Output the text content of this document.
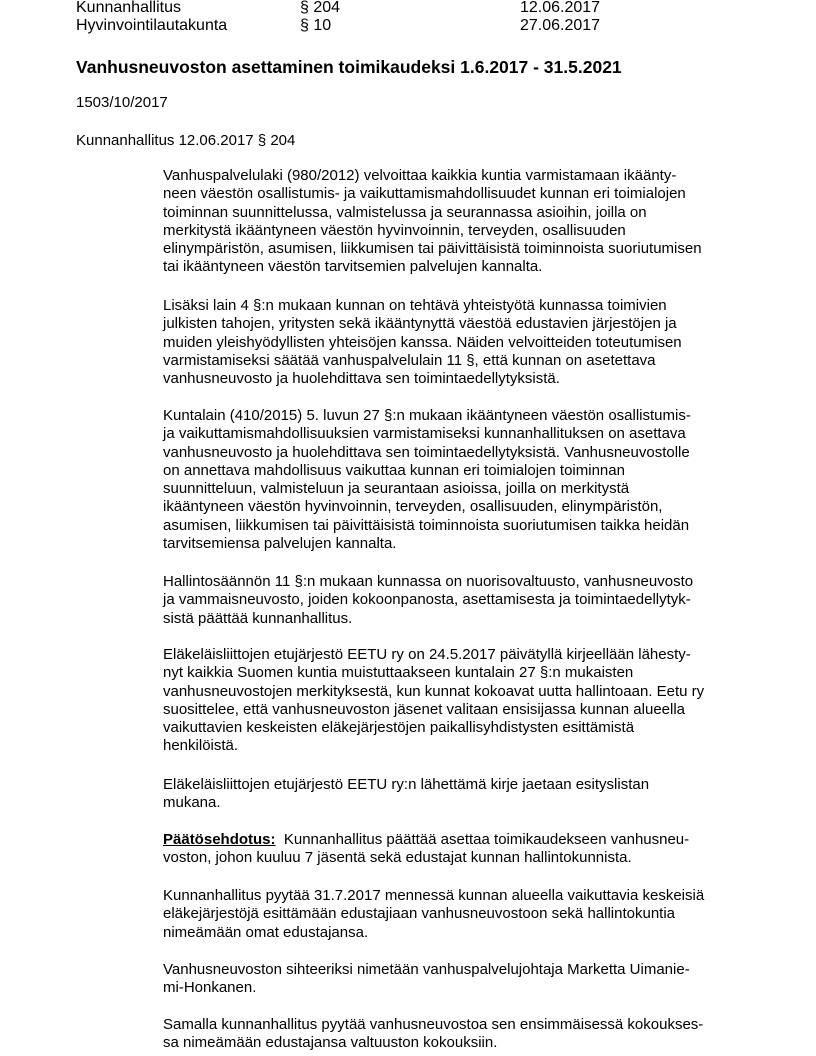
Kunnanhallitus	§ 204	12.06.2017
Hyvinvointilautakunta	§ 10	27.06.2017
Vanhusneuvoston asettaminen toimikaudeksi 1.6.2017 - 31.5.2021
1503/10/2017
Kunnanhallitus 12.06.2017 § 204
Vanhuspalvelulaki (980/2012) velvoittaa kaikkia kuntia varmistamaan ikäänty-
neen väestön osallistumis- ja vaikuttamismahdollisuudet kunnan eri toimialojen
toiminnan suunnittelussa, valmistelussa ja seurannassa asioihin, joilla on
merkitystä ikääntyneen väestön hyvinvoinnin, terveyden, osallisuuden
elinympäristön, asumisen, liikkumisen tai päivittäisistä toiminnoista suoriutumisen
tai ikääntyneen väestön tarvitsemien palvelujen kannalta.
Lisäksi lain 4 §:n mukaan kunnan on tehtävä yhteistyötä kunnassa toimivien
julkisten tahojen, yritysten sekä ikääntynyttä väestöä edustavien järjestöjen ja
muiden yleishyödyllisten yhteisöjen kanssa. Näiden velvoitteiden toteutumisen
varmistamiseksi säätää vanhuspalvelulain 11 §, että kunnan on asetettava
vanhusneuvosto ja huolehdittava sen toimintaedellytyksistä.
Kuntalain (410/2015) 5. luvun 27 §:n mukaan ikääntyneen väestön osallistumis-
ja vaikuttamismahdollisuuksien varmistamiseksi kunnanhallituksen on asettava
vanhusneuvosto ja huolehdittava sen toimintaedellytyksistä. Vanhusneuvostolle
on annettava mahdollisuus vaikuttaa kunnan eri toimialojen toiminnan
suunnitteluun, valmisteluun ja seurantaan asioissa, joilla on merkitystä
ikääntyneen väestön hyvinvoinnin, terveyden, osallisuuden, elinympäristön,
asumisen, liikkumisen tai päivittäisistä toiminnoista suoriutumisen taikka heidän
tarvitsemiensa palvelujen kannalta.
Hallintosäännön 11 §:n mukaan kunnassa on nuorisovaltuusto, vanhusneuvosto
ja vammaisneuvosto, joiden kokoonpanosta, asettamisesta ja toimintaedellytyk-
sistä päättää kunnanhallitus.
Eläkeläisliittojen etujärjestö EETU ry on 24.5.2017 päivätyllä kirjeellään lähesty-
nyt kaikkia Suomen kuntia muistuttaakseen kuntalain 27 §:n mukaisten
vanhusneuvostojen merkityksestä, kun kunnat kokoavat uutta hallintoaan. Eetu ry
suosittelee, että vanhusneuvoston jäsenet valitaan ensisijassa kunnan alueella
vaikuttavien keskeisten eläkejärjestöjen paikallisyhdistysten esittämistä
henkilöistä.
Eläkeläisliittojen etujärjestö EETU ry:n lähettämä kirje jaetaan esityslistan
mukana.
Päätösehdotus: Kunnanhallitus päättää asettaa toimikaudekseen vanhusneu-
voston, johon kuuluu 7 jäsentä sekä edustajat kunnan hallintokunnista.
Kunnanhallitus pyytää 31.7.2017 mennessä kunnan alueella vaikuttavia keskeisiä
eläkejärjestöjä esittämään edustajiaan vanhusneuvostoon sekä hallintokuntia
nimeämään omat edustajansa.
Vanhusneuvoston sihteeriksi nimetään vanhuspalvelujohtaja Marketta Uimanie-
mi-Honkanen.
Samalla kunnanhallitus pyytää vanhusneuvostoa sen ensimmäisessä kokoukses-
sa nimeämään edustajansa valtuuston kokouksiin.
